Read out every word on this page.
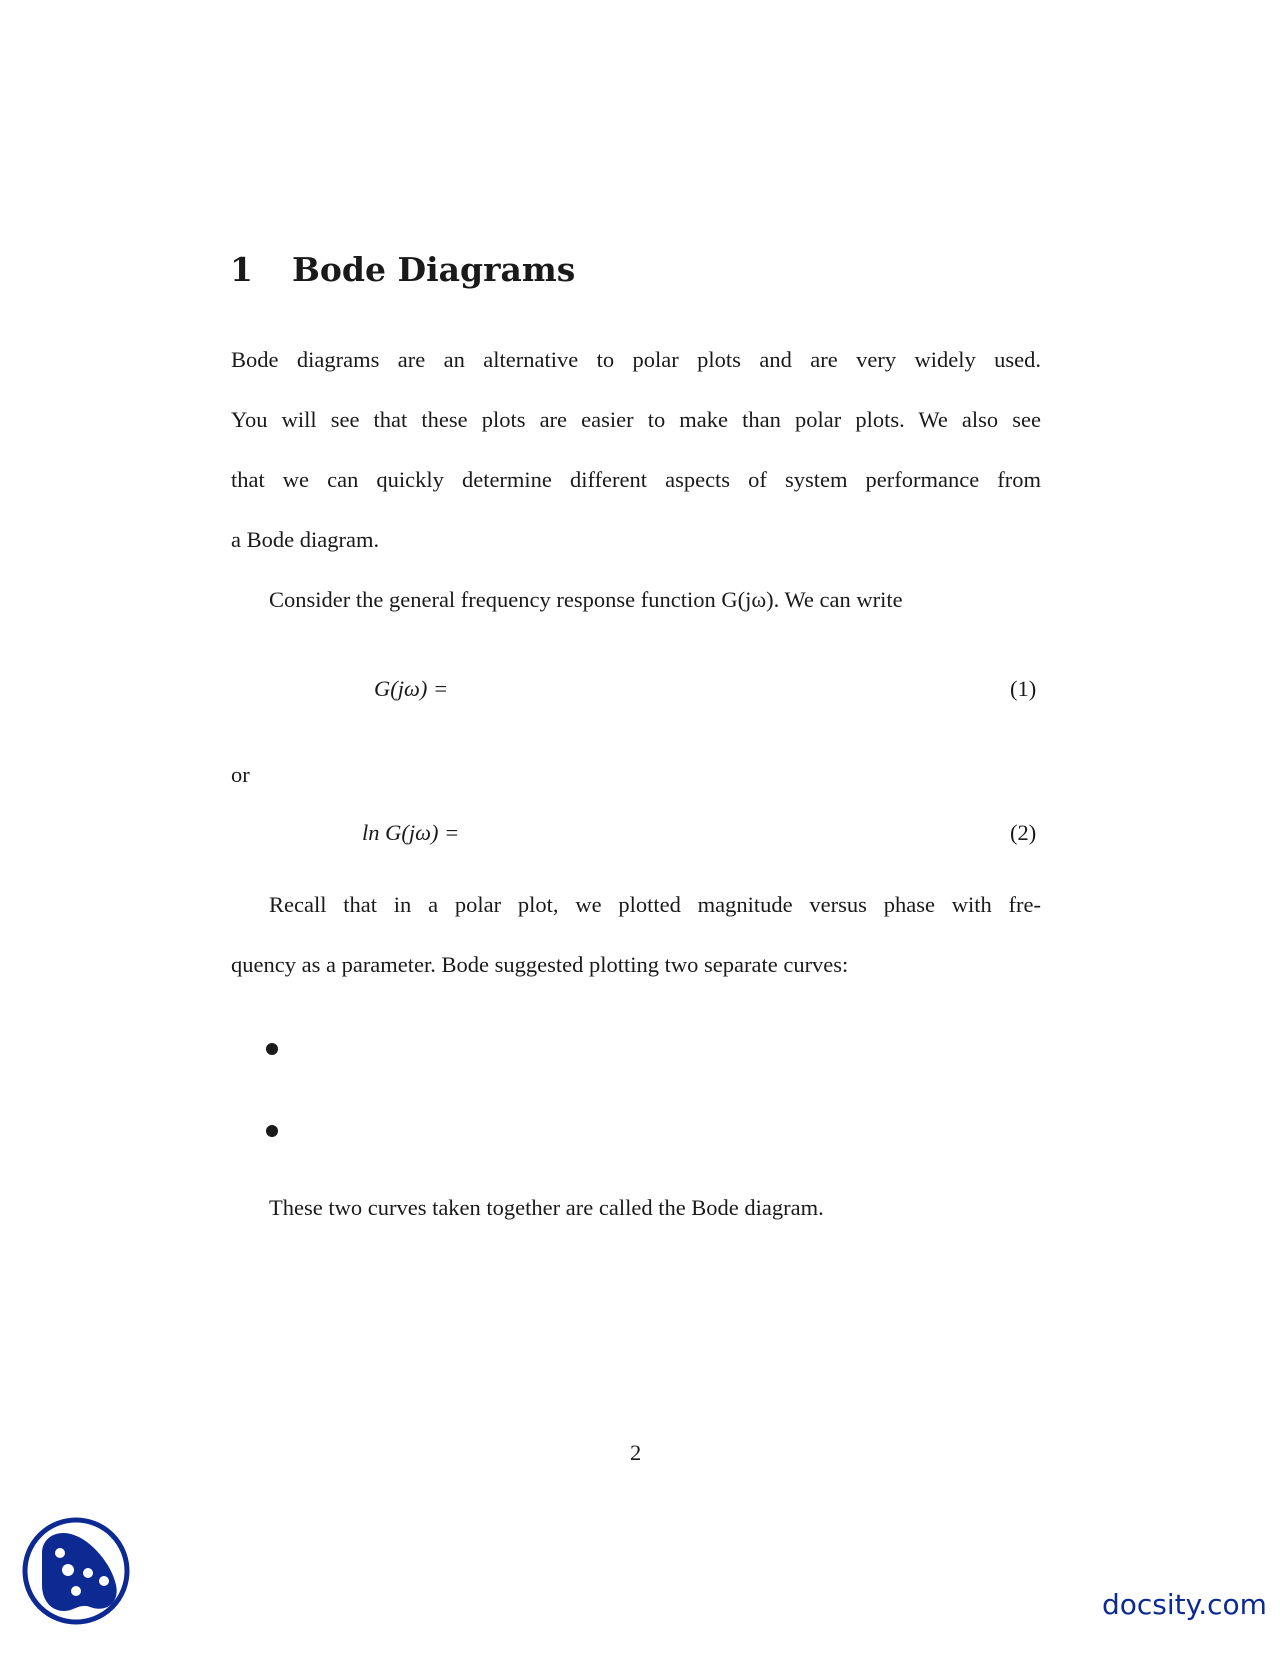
1 Bode Diagrams
Bode diagrams are an alternative to polar plots and are very widely used.
You will see that these plots are easier to make than polar plots. We also see
that we can quickly determine different aspects of system performance from
a Bode diagram.
Consider the general frequency response function G(jω). We can write
G(jω) =	(1)
or
ln G(jω) =	(2)
Recall that in a polar plot, we plotted magnitude versus phase with fre-
quency as a parameter. Bode suggested plotting two separate curves:
These two curves taken together are called the Bode diagram.
2
docsity.com
